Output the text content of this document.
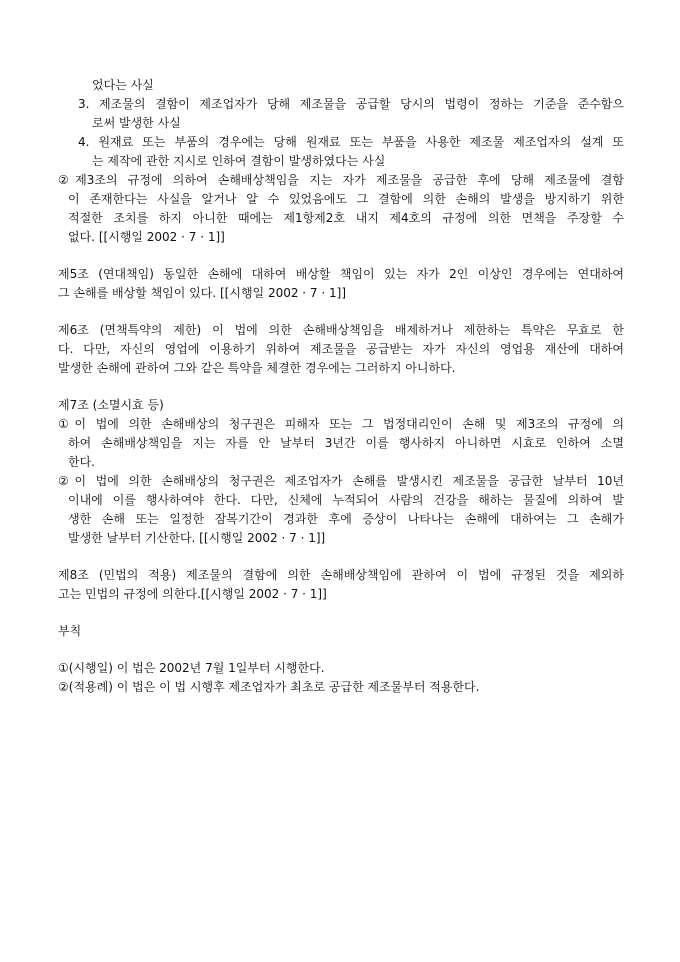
었다는 사실
3. 제조물의 결함이 제조업자가 당해 제조물을 공급할 당시의 법령이 정하는 기준을 준수함으
로써 발생한 사실
4. 원재료 또는 부품의 경우에는 당해 원재료 또는 부품을 사용한 제조물 제조업자의 설계 또
는 제작에 관한 지시로 인하여 결함이 발생하였다는 사실
②제3조의 규정에 의하여 손해배상책임을 지는 자가 제조물을 공급한 후에 당해 제조물에 결함
이 존재한다는 사실을 알거나 알 수 있었음에도 그 결함에 의한 손해의 발생을 방지하기 위한
적절한 조치를 하지 아니한 때에는 제1항제2호 내지 제4호의 규정에 의한 면책을 주장할 수
없다. [[시행일 2002 · 7 · 1]]
제5조 (연대책임) 동일한 손해에 대하여 배상할 책임이 있는 자가 2인 이상인 경우에는 연대하여
그 손해를 배상할 책임이 있다. [[시행일 2002 · 7 · 1]]
제6조 (면책특약의 제한) 이 법에 의한 손해배상책임을 배제하거나 제한하는 특약은 무효로 한
다. 다만, 자신의 영업에 이용하기 위하여 제조물을 공급받는 자가 자신의 영업용 재산에 대하여
발생한 손해에 관하여 그와 같은 특약을 체결한 경우에는 그러하지 아니하다.
제7조 (소멸시효 등)
①이 법에 의한 손해배상의 청구권은 피해자 또는 그 법정대리인이 손해 및 제3조의 규정에 의
하여 손해배상책임을 지는 자를 안 날부터 3년간 이를 행사하지 아니하면 시효로 인하여 소멸
한다.
②이 법에 의한 손해배상의 청구권은 제조업자가 손해를 발생시킨 제조물을 공급한 날부터 10년
이내에 이를 행사하여야 한다. 다만, 신체에 누적되어 사람의 건강을 해하는 물질에 의하여 발
생한 손해 또는 일정한 잠복기간이 경과한 후에 증상이 나타나는 손해에 대하여는 그 손해가
발생한 날부터 기산한다. [[시행일 2002 · 7 · 1]]
제8조 (민법의 적용) 제조물의 결함에 의한 손해배상책임에 관하여 이 법에 규정된 것을 제외하
고는 민법의 규정에 의한다.[[시행일 2002 · 7 · 1]]
부칙
①(시행일) 이 법은 2002년 7월 1일부터 시행한다.
②(적용례) 이 법은 이 법 시행후 제조업자가 최초로 공급한 제조물부터 적용한다.
